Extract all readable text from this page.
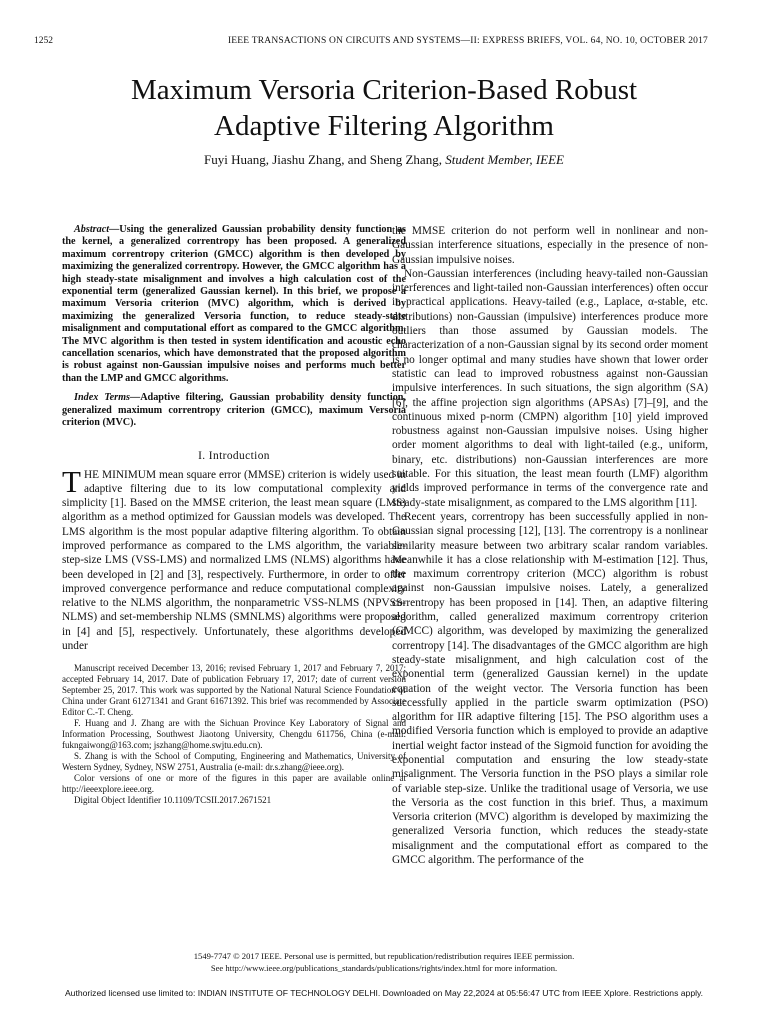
1252	IEEE TRANSACTIONS ON CIRCUITS AND SYSTEMS—II: EXPRESS BRIEFS, VOL. 64, NO. 10, OCTOBER 2017
Maximum Versoria Criterion-Based Robust
Adaptive Filtering Algorithm
Fuyi Huang, Jiashu Zhang, and Sheng Zhang, Student Member, IEEE

Abstract—Using the generalized Gaussian probability density function as the kernel, a generalized correntropy has been proposed. A generalized maximum correntropy criterion (GMCC) algorithm is then developed by maximizing the generalized correntropy. However, the GMCC algorithm has a high steady-state misalignment and involves a high calculation cost of the exponential term (generalized Gaussian kernel). In this brief, we propose a maximum Versoria criterion (MVC) algorithm, which is derived by maximizing the generalized Versoria function, to reduce steady-state misalignment and computational effort as compared to the GMCC algorithm. The MVC algorithm is then tested in system identification and acoustic echo cancellation scenarios, which have demonstrated that the proposed algorithm is robust against non-Gaussian impulsive noises and performs much better than the LMP and GMCC algorithms.

Index Terms—Adaptive filtering, Gaussian probability density function, generalized maximum correntropy criterion (GMCC), maximum Versoria criterion (MVC).

I. Introduction

THE MINIMUM mean square error (MMSE) criterion is widely used in adaptive filtering due to its low computational complexity and simplicity [1]. Based on the MMSE criterion, the least mean square (LMS) algorithm as a method optimized for Gaussian models was developed. The LMS algorithm is the most popular adaptive filtering algorithm. To obtain improved performance as compared to the LMS algorithm, the variable-step-size LMS (VSS-LMS) and normalized LMS (NLMS) algorithms have been developed in [2] and [3], respectively. Furthermore, in order to offer improved convergence performance and reduce computational complexity relative to the NLMS algorithm, the nonparametric VSS-NLMS (NPVSS-NLMS) and set-membership NLMS (SMNLMS) algorithms were proposed in [4] and [5], respectively. Unfortunately, these algorithms developed under

Manuscript received December 13, 2016; revised February 1, 2017 and February 7, 2017; accepted February 14, 2017. Date of publication February 17, 2017; date of current version September 25, 2017. This work was supported by the National Natural Science Foundation of China under Grant 61271341 and Grant 61671392. This brief was recommended by Associate Editor C.-T. Cheng.

F. Huang and J. Zhang are with the Sichuan Province Key Laboratory of Signal and Information Processing, Southwest Jiaotong University, Chengdu 611756, China (e-mail: fukngaiwong@163.com; jszhang@home.swjtu.edu.cn).

S. Zhang is with the School of Computing, Engineering and Mathematics, University of Western Sydney, Sydney, NSW 2751, Australia (e-mail: dr.s.zhang@ieee.org).

Color versions of one or more of the figures in this paper are available online at http://ieeexplore.ieee.org.

Digital Object Identifier 10.1109/TCSII.2017.2671521

the MMSE criterion do not perform well in nonlinear and non-Gaussian interference situations, especially in the presence of non-Gaussian impulsive noises.

Non-Gaussian interferences (including heavy-tailed non-Gaussian interferences and light-tailed non-Gaussian interferences) often occur in practical applications. Heavy-tailed (e.g., Laplace, α-stable, etc. distributions) non-Gaussian (impulsive) interferences produce more outliers than those assumed by Gaussian models. The characterization of a non-Gaussian signal by its second order moment is no longer optimal and many studies have shown that lower order statistic can lead to improved robustness against non-Gaussian impulsive interferences. In such situations, the sign algorithm (SA) [6], the affine projection sign algorithms (APSAs) [7]–[9], and the continuous mixed p-norm (CMPN) algorithm [10] yield improved robustness against non-Gaussian impulsive noises. Using higher order moment algorithms to deal with light-tailed (e.g., uniform, binary, etc. distributions) non-Gaussian interferences are more suitable. For this situation, the least mean fourth (LMF) algorithm yields improved performance in terms of the convergence rate and steady-state misalignment, as compared to the LMS algorithm [11].

Recent years, correntropy has been successfully applied in non-Gaussian signal processing [12], [13]. The correntropy is a nonlinear similarity measure between two arbitrary scalar random variables. Meanwhile it has a close relationship with M-estimation [12]. Thus, the maximum correntropy criterion (MCC) algorithm is robust against non-Gaussian impulsive noises. Lately, a generalized correntropy has been proposed in [14]. Then, an adaptive filtering algorithm, called generalized maximum correntropy criterion (GMCC) algorithm, was developed by maximizing the generalized correntropy [14]. The disadvantages of the GMCC algorithm are high steady-state misalignment, and high calculation cost of the exponential term (generalized Gaussian kernel) in the update equation of the weight vector. The Versoria function has been successfully applied in the particle swarm optimization (PSO) algorithm for IIR adaptive filtering [15]. The PSO algorithm uses a modified Versoria function which is employed to provide an adaptive inertial weight factor instead of the Sigmoid function for avoiding the exponential computation and ensuring the low steady-state misalignment. The Versoria function in the PSO plays a similar role of variable step-size. Unlike the traditional usage of Versoria, we use the Versoria as the cost function in this brief. Thus, a maximum Versoria criterion (MVC) algorithm is developed by maximizing the generalized Versoria function, which reduces the steady-state misalignment and the computational effort as compared to the GMCC algorithm. The performance of the

1549-7747 © 2017 IEEE. Personal use is permitted, but republication/redistribution requires IEEE permission.
See http://www.ieee.org/publications_standards/publications/rights/index.html for more information.
Authorized licensed use limited to: INDIAN INSTITUTE OF TECHNOLOGY DELHI. Downloaded on May 22,2024 at 05:56:47 UTC from IEEE Xplore. Restrictions apply.
